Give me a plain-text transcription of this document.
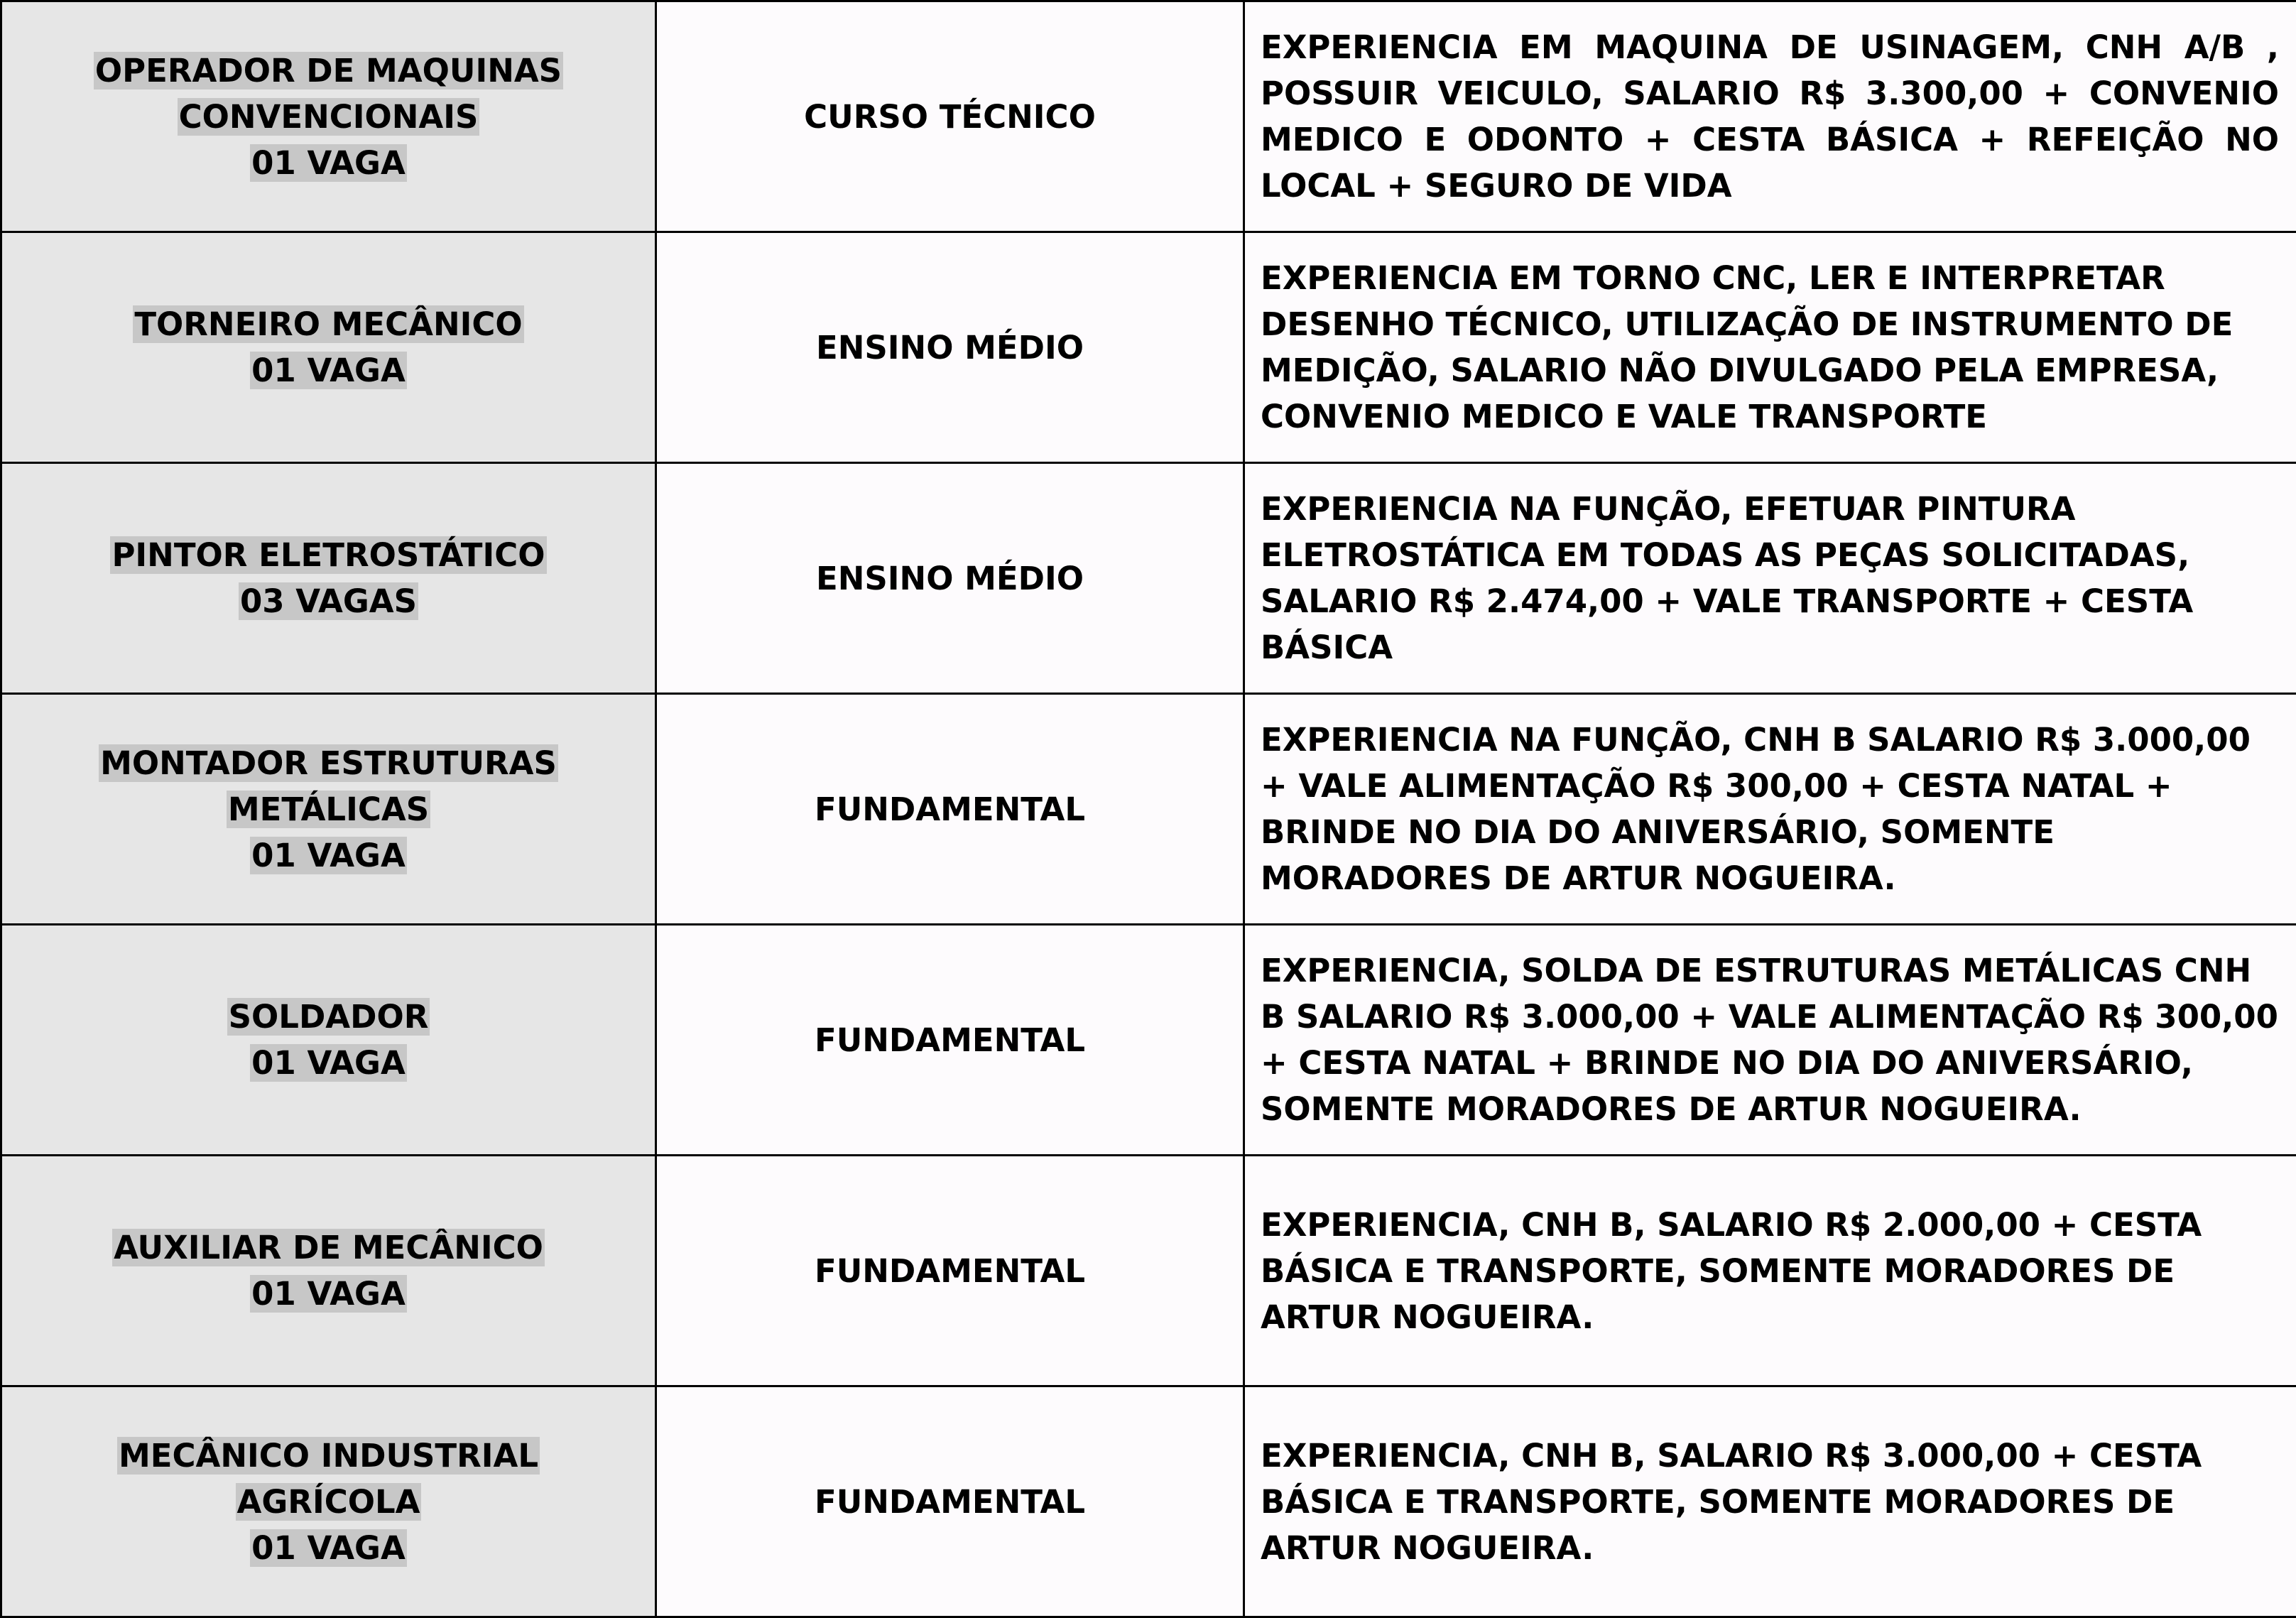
OPERADOR DE MAQUINAS
CONVENCIONAIS
01 VAGA	CURSO TÉCNICO	EXPERIENCIA EM MAQUINA DE USINAGEM, CNH A/B , POSSUIR VEICULO, SALARIO R$ 3.300,00 + CONVENIO MEDICO E ODONTO + CESTA BÁSICA + REFEIÇÃO NO LOCAL + SEGURO DE VIDA

TORNEIRO MECÂNICO
01 VAGA	ENSINO MÉDIO	EXPERIENCIA EM TORNO CNC, LER E INTERPRETAR DESENHO TÉCNICO, UTILIZAÇÃO DE INSTRUMENTO DE MEDIÇÃO, SALARIO NÃO DIVULGADO PELA EMPRESA, CONVENIO MEDICO E VALE TRANSPORTE

PINTOR ELETROSTÁTICO
03 VAGAS	ENSINO MÉDIO	EXPERIENCIA NA FUNÇÃO, EFETUAR PINTURA ELETROSTÁTICA EM TODAS AS PEÇAS SOLICITADAS, SALARIO R$ 2.474,00 + VALE TRANSPORTE + CESTA BÁSICA

MONTADOR ESTRUTURAS
METÁLICAS
01 VAGA	FUNDAMENTAL	EXPERIENCIA NA FUNÇÃO, CNH B SALARIO R$ 3.000,00 + VALE ALIMENTAÇÃO R$ 300,00 + CESTA NATAL + BRINDE NO DIA DO ANIVERSÁRIO, SOMENTE MORADORES DE ARTUR NOGUEIRA.

SOLDADOR
01 VAGA	FUNDAMENTAL	EXPERIENCIA, SOLDA DE ESTRUTURAS METÁLICAS CNH B SALARIO R$ 3.000,00 + VALE ALIMENTAÇÃO R$ 300,00 + CESTA NATAL + BRINDE NO DIA DO ANIVERSÁRIO, SOMENTE MORADORES DE ARTUR NOGUEIRA.

AUXILIAR DE MECÂNICO
01 VAGA	FUNDAMENTAL	EXPERIENCIA, CNH B, SALARIO R$ 2.000,00 + CESTA BÁSICA E TRANSPORTE, SOMENTE MORADORES DE ARTUR NOGUEIRA.

MECÂNICO INDUSTRIAL
AGRÍCOLA
01 VAGA	FUNDAMENTAL	EXPERIENCIA, CNH B, SALARIO R$ 3.000,00 + CESTA BÁSICA E TRANSPORTE, SOMENTE MORADORES DE ARTUR NOGUEIRA.
